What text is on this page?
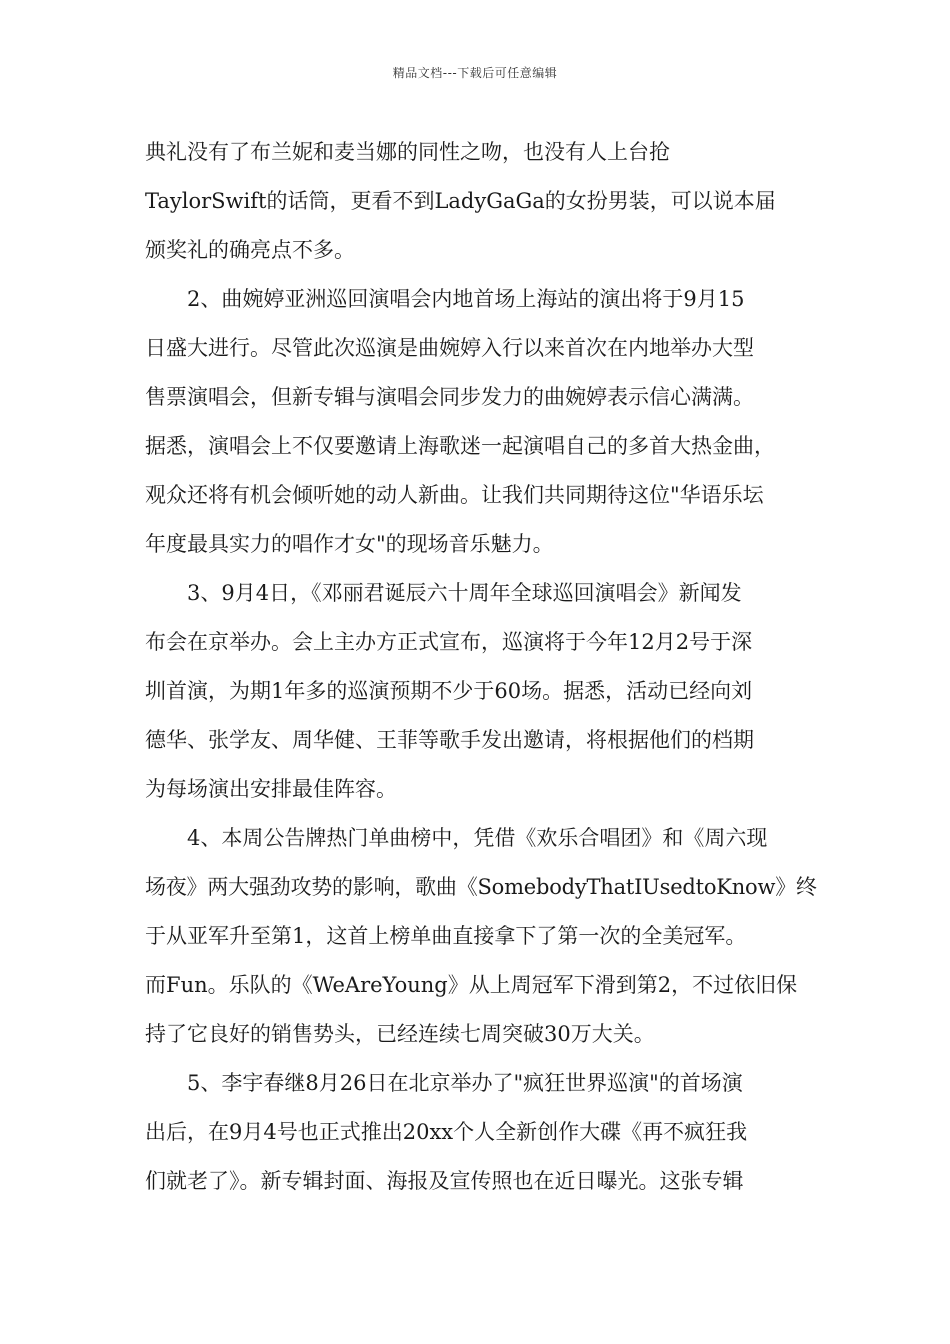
精品文档---下载后可任意编辑
典礼没有了布兰妮和麦当娜的同性之吻，也没有人上台抢
TaylorSwift的话筒，更看不到LadyGaGa的女扮男装，可以说本届
颁奖礼的确亮点不多。
2、曲婉婷亚洲巡回演唱会内地首场上海站的演出将于9月15
日盛大进行。尽管此次巡演是曲婉婷入行以来首次在内地举办大型
售票演唱会，但新专辑与演唱会同步发力的曲婉婷表示信心满满。
据悉，演唱会上不仅要邀请上海歌迷一起演唱自己的多首大热金曲，
观众还将有机会倾听她的动人新曲。让我们共同期待这位"华语乐坛
年度最具实力的唱作才女"的现场音乐魅力。
3、9月4日，《邓丽君诞辰六十周年全球巡回演唱会》新闻发
布会在京举办。会上主办方正式宣布，巡演将于今年12月2号于深
圳首演，为期1年多的巡演预期不少于60场。据悉，活动已经向刘
德华、张学友、周华健、王菲等歌手发出邀请，将根据他们的档期
为每场演出安排最佳阵容。
4、本周公告牌热门单曲榜中，凭借《欢乐合唱团》和《周六现
场夜》两大强劲攻势的影响，歌曲《SomebodyThatIUsedtoKnow》终
于从亚军升至第1，这首上榜单曲直接拿下了第一次的全美冠军。
而Fun。乐队的《WeAreYoung》从上周冠军下滑到第2，不过依旧保
持了它良好的销售势头，已经连续七周突破30万大关。
5、李宇春继8月26日在北京举办了"疯狂世界巡演"的首场演
出后，在9月4号也正式推出20xx个人全新创作大碟《再不疯狂我
们就老了》。新专辑封面、海报及宣传照也在近日曝光。这张专辑
